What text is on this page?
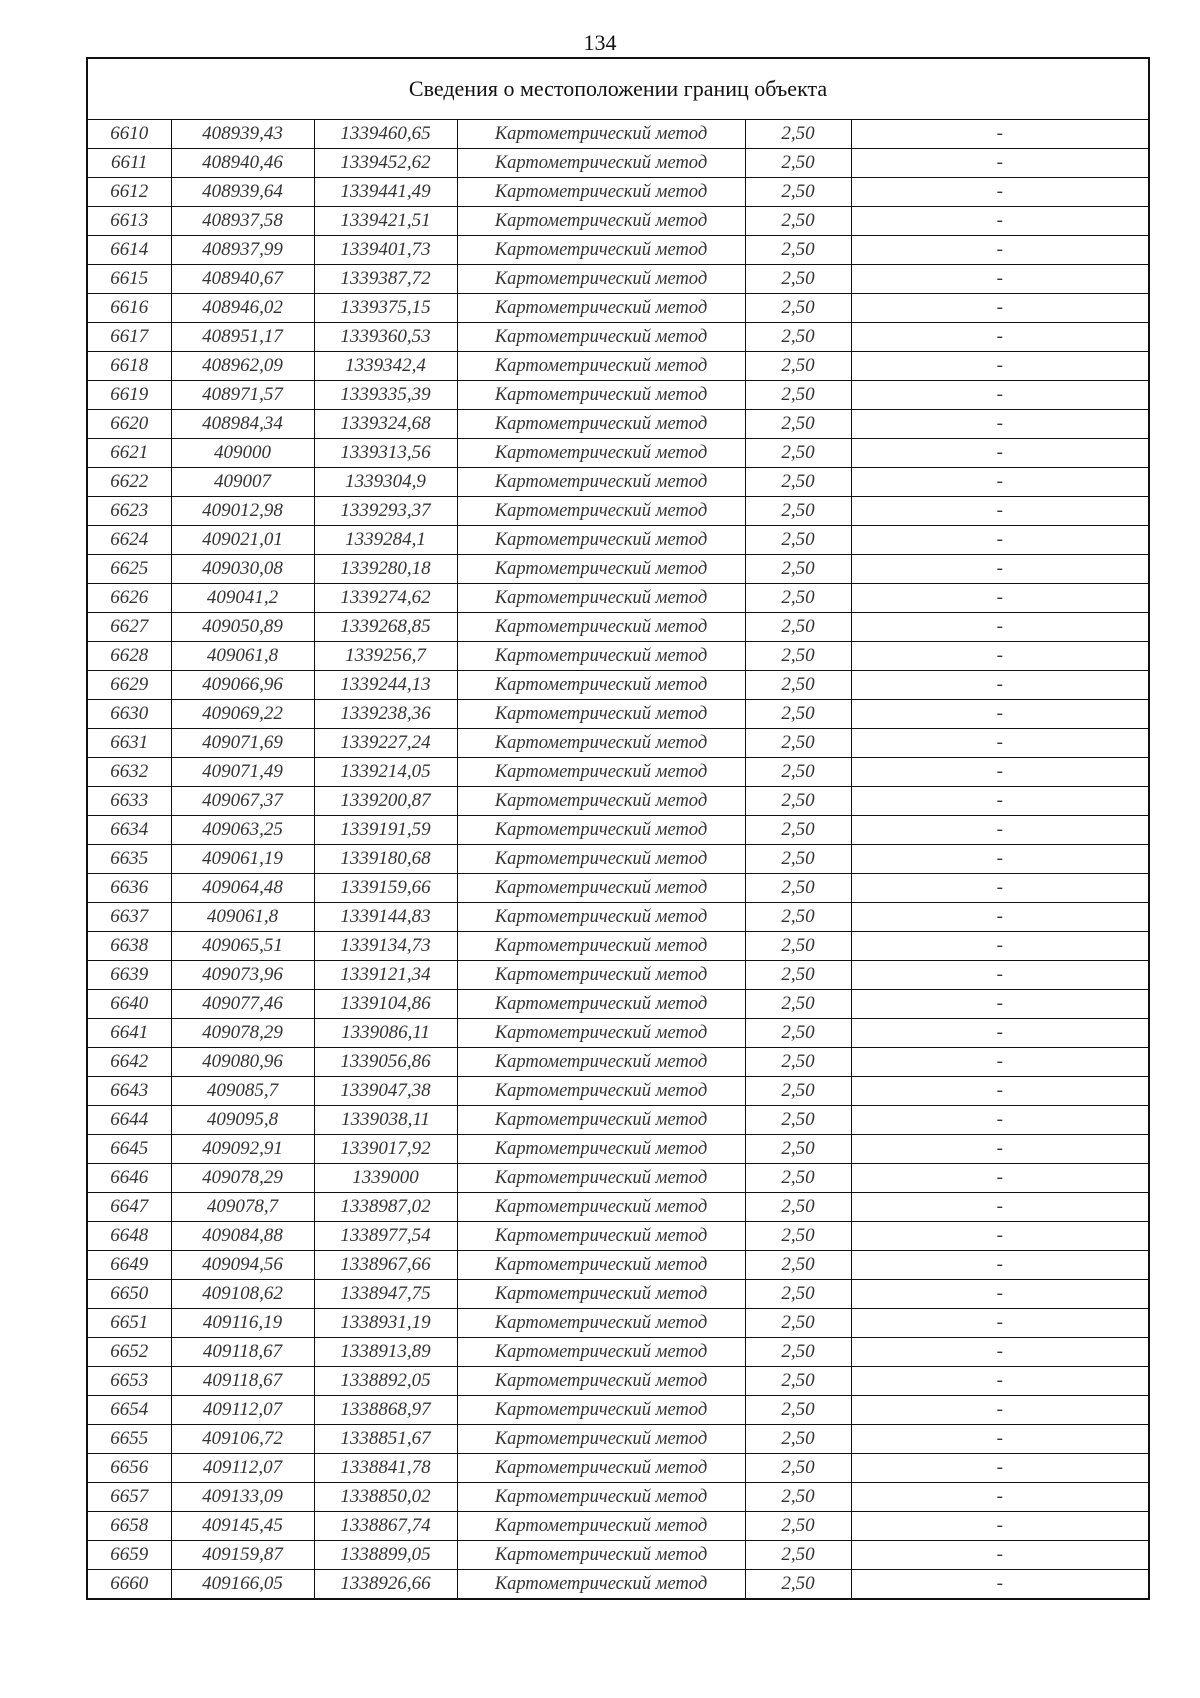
134
Сведения о местоположении границ объекта					
6610	408939,43	1339460,65	Картометрический метод	2,50	-
6611	408940,46	1339452,62	Картометрический метод	2,50	-
6612	408939,64	1339441,49	Картометрический метод	2,50	-
6613	408937,58	1339421,51	Картометрический метод	2,50	-
6614	408937,99	1339401,73	Картометрический метод	2,50	-
6615	408940,67	1339387,72	Картометрический метод	2,50	-
6616	408946,02	1339375,15	Картометрический метод	2,50	-
6617	408951,17	1339360,53	Картометрический метод	2,50	-
6618	408962,09	1339342,4	Картометрический метод	2,50	-
6619	408971,57	1339335,39	Картометрический метод	2,50	-
6620	408984,34	1339324,68	Картометрический метод	2,50	-
6621	409000	1339313,56	Картометрический метод	2,50	-
6622	409007	1339304,9	Картометрический метод	2,50	-
6623	409012,98	1339293,37	Картометрический метод	2,50	-
6624	409021,01	1339284,1	Картометрический метод	2,50	-
6625	409030,08	1339280,18	Картометрический метод	2,50	-
6626	409041,2	1339274,62	Картометрический метод	2,50	-
6627	409050,89	1339268,85	Картометрический метод	2,50	-
6628	409061,8	1339256,7	Картометрический метод	2,50	-
6629	409066,96	1339244,13	Картометрический метод	2,50	-
6630	409069,22	1339238,36	Картометрический метод	2,50	-
6631	409071,69	1339227,24	Картометрический метод	2,50	-
6632	409071,49	1339214,05	Картометрический метод	2,50	-
6633	409067,37	1339200,87	Картометрический метод	2,50	-
6634	409063,25	1339191,59	Картометрический метод	2,50	-
6635	409061,19	1339180,68	Картометрический метод	2,50	-
6636	409064,48	1339159,66	Картометрический метод	2,50	-
6637	409061,8	1339144,83	Картометрический метод	2,50	-
6638	409065,51	1339134,73	Картометрический метод	2,50	-
6639	409073,96	1339121,34	Картометрический метод	2,50	-
6640	409077,46	1339104,86	Картометрический метод	2,50	-
6641	409078,29	1339086,11	Картометрический метод	2,50	-
6642	409080,96	1339056,86	Картометрический метод	2,50	-
6643	409085,7	1339047,38	Картометрический метод	2,50	-
6644	409095,8	1339038,11	Картометрический метод	2,50	-
6645	409092,91	1339017,92	Картометрический метод	2,50	-
6646	409078,29	1339000	Картометрический метод	2,50	-
6647	409078,7	1338987,02	Картометрический метод	2,50	-
6648	409084,88	1338977,54	Картометрический метод	2,50	-
6649	409094,56	1338967,66	Картометрический метод	2,50	-
6650	409108,62	1338947,75	Картометрический метод	2,50	-
6651	409116,19	1338931,19	Картометрический метод	2,50	-
6652	409118,67	1338913,89	Картометрический метод	2,50	-
6653	409118,67	1338892,05	Картометрический метод	2,50	-
6654	409112,07	1338868,97	Картометрический метод	2,50	-
6655	409106,72	1338851,67	Картометрический метод	2,50	-
6656	409112,07	1338841,78	Картометрический метод	2,50	-
6657	409133,09	1338850,02	Картометрический метод	2,50	-
6658	409145,45	1338867,74	Картометрический метод	2,50	-
6659	409159,87	1338899,05	Картометрический метод	2,50	-
6660	409166,05	1338926,66	Картометрический метод	2,50	-
